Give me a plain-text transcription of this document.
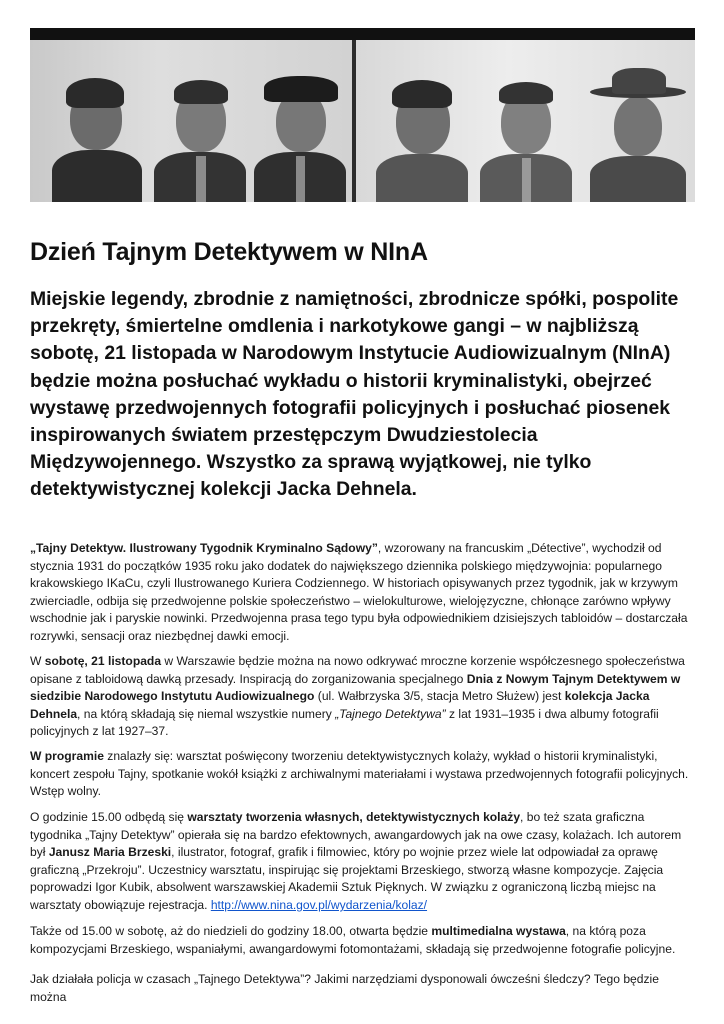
Dzień Tajnym Detektywem w NInA

Miejskie legendy, zbrodnie z namiętności, zbrodnicze spółki, pospolite przekręty, śmiertelne omdlenia i narkotykowe gangi – w najbliższą sobotę, 21 listopada w Narodowym Instytucie Audiowizualnym (NInA) będzie można posłuchać wykładu o historii kryminalistyki, obejrzeć wystawę przedwojennych fotografii policyjnych i posłuchać piosenek inspirowanych światem przestępczym Dwudziestolecia Międzywojennego. Wszystko za sprawą wyjątkowej, nie tylko detektywistycznej kolekcji Jacka Dehnela.

„Tajny Detektyw. Ilustrowany Tygodnik Kryminalno Sądowy”, wzorowany na francuskim „Détective”, wychodził od stycznia 1931 do początków 1935 roku jako dodatek do największego dziennika polskiego międzywojnia: popularnego krakowskiego IKaCu, czyli Ilustrowanego Kuriera Codziennego. W historiach opisywanych przez tygodnik, jak w krzywym zwierciadle, odbija się przedwojenne polskie społeczeństwo – wielokulturowe, wielojęzyczne, chłonące zarówno wpływy wschodnie jak i paryskie nowinki. Przedwojenna prasa tego typu była odpowiednikiem dzisiejszych tabloidów – dostarczała rozrywki, sensacji oraz niezbędnej dawki emocji.

W sobotę, 21 listopada w Warszawie będzie można na nowo odkrywać mroczne korzenie współczesnego społeczeństwa opisane z tabloidową dawką przesady. Inspiracją do zorganizowania specjalnego Dnia z Nowym Tajnym Detektywem w siedzibie Narodowego Instytutu Audiowizualnego (ul. Wałbrzyska 3/5, stacja Metro Służew) jest kolekcja Jacka Dehnela, na którą składają się niemal wszystkie numery „Tajnego Detektywa” z lat 1931–1935 i dwa albumy fotografii policyjnych z lat 1927–37.

W programie znalazły się: warsztat poświęcony tworzeniu detektywistycznych kolaży, wykład o historii kryminalistyki, koncert zespołu Tajny, spotkanie wokół książki z archiwalnymi materiałami i wystawa przedwojennych fotografii policyjnych. Wstęp wolny.

O godzinie 15.00 odbędą się warsztaty tworzenia własnych, detektywistycznych kolaży, bo też szata graficzna tygodnika „Tajny Detektyw” opierała się na bardzo efektownych, awangardowych jak na owe czasy, kolażach. Ich autorem był Janusz Maria Brzeski, ilustrator, fotograf, grafik i filmowiec, który po wojnie przez wiele lat odpowiadał za oprawę graficzną „Przekroju”. Uczestnicy warsztatu, inspirując się projektami Brzeskiego, stworzą własne kompozycje. Zajęcia poprowadzi Igor Kubik, absolwent warszawskiej Akademii Sztuk Pięknych. W związku z ograniczoną liczbą miejsc na warsztaty obowiązuje rejestracja. http://www.nina.gov.pl/wydarzenia/kolaz/

Także od 15.00 w sobotę, aż do niedzieli do godziny 18.00, otwarta będzie multimedialna wystawa, na którą poza kompozycjami Brzeskiego, wspaniałymi, awangardowymi fotomontażami, składają się przedwojenne fotografie policyjne.

Jak działała policja w czasach „Tajnego Detektywa”? Jakimi narzędziami dysponowali ówcześni śledczy? Tego będzie można
